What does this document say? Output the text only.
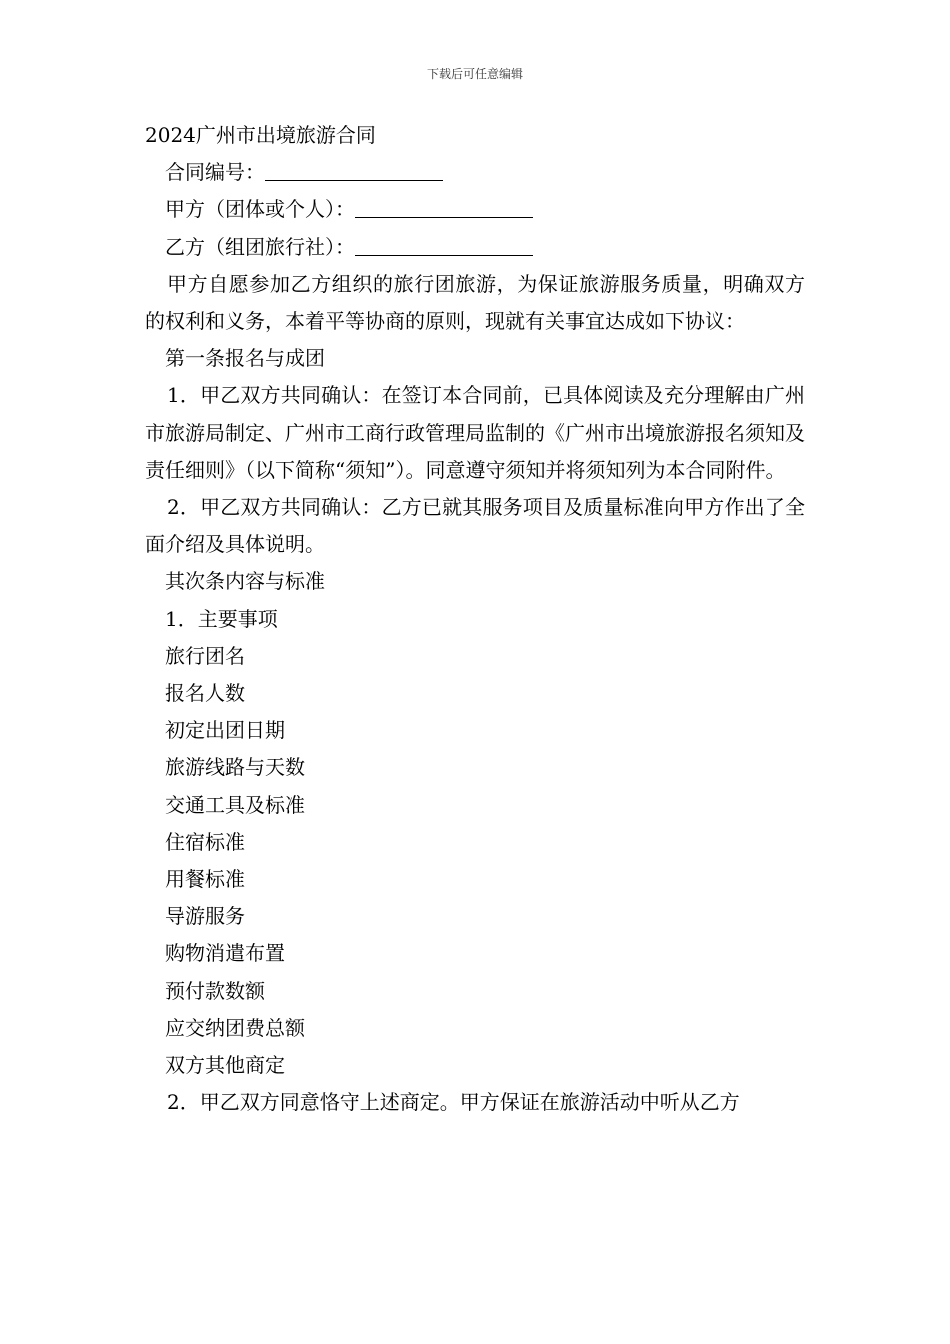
下载后可任意编辑

2024广州市出境旅游合同

合同编号：

甲方（团体或个人）：

乙方（组团旅行社）：

甲方自愿参加乙方组织的旅行团旅游，为保证旅游服务质量，明确双方的权利和义务，本着平等协商的原则，现就有关事宜达成如下协议：

第一条报名与成团

1．甲乙双方共同确认：在签订本合同前，已具体阅读及充分理解由广州市旅游局制定、广州市工商行政管理局监制的《广州市出境旅游报名须知及责任细则》（以下简称“须知”）。同意遵守须知并将须知列为本合同附件。

2．甲乙双方共同确认：乙方已就其服务项目及质量标准向甲方作出了全面介绍及具体说明。

其次条内容与标准

1．主要事项

旅行团名

报名人数

初定出团日期

旅游线路与天数

交通工具及标准

住宿标准

用餐标准

导游服务

购物消遣布置

预付款数额

应交纳团费总额

双方其他商定

2．甲乙双方同意恪守上述商定。甲方保证在旅游活动中听从乙方
